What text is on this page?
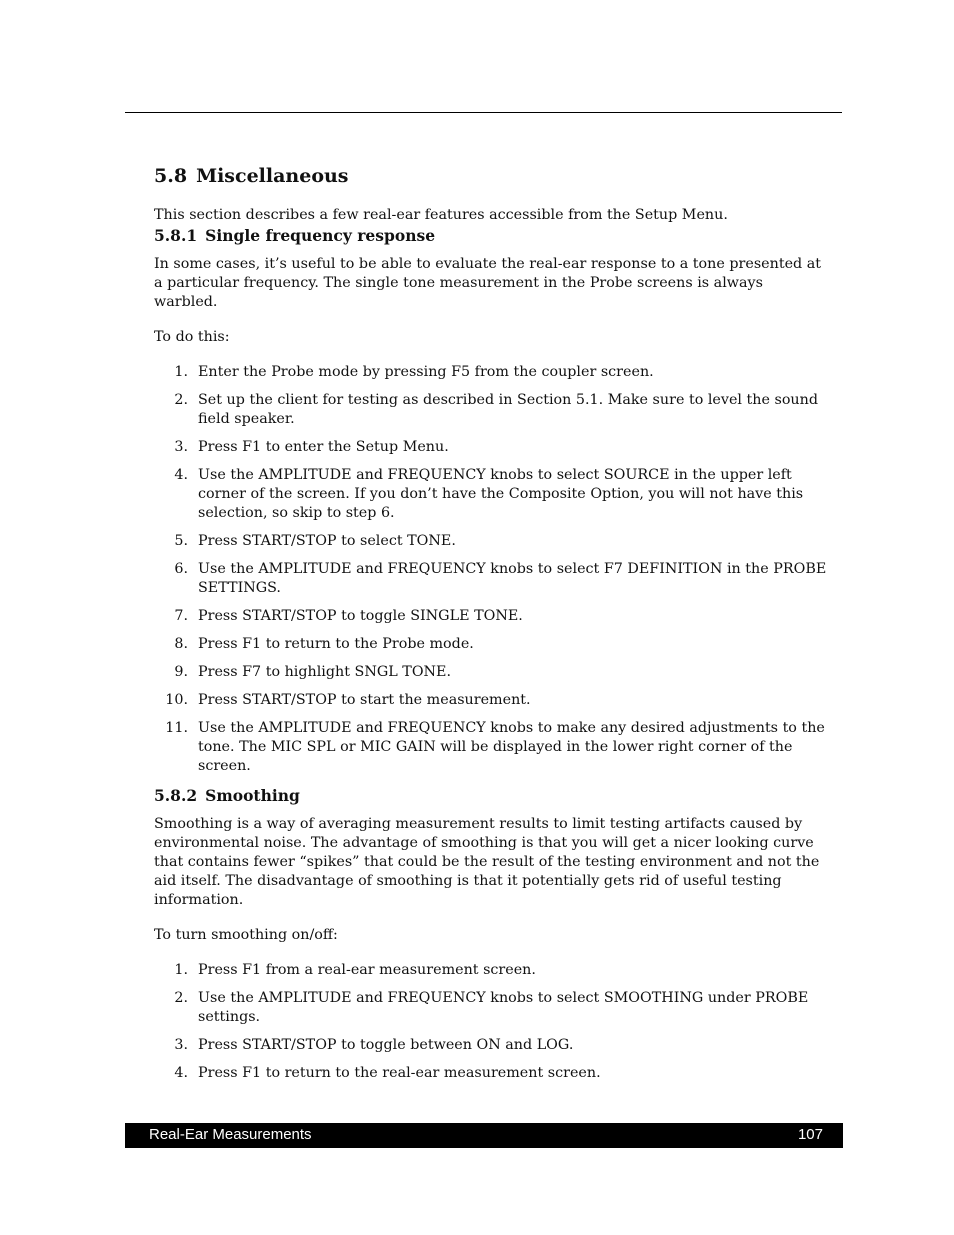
5.8 Miscellaneous

This section describes a few real-ear features accessible from the Setup Menu.

5.8.1 Single frequency response

In some cases, it’s useful to be able to evaluate the real-ear response to a tone presented at a particular frequency. The single tone measurement in the Probe screens is always warbled.

To do this:

1. Enter the Probe mode by pressing F5 from the coupler screen.
2. Set up the client for testing as described in Section 5.1. Make sure to level the sound field speaker.
3. Press F1 to enter the Setup Menu.
4. Use the AMPLITUDE and FREQUENCY knobs to select SOURCE in the upper left corner of the screen. If you don’t have the Composite Option, you will not have this selection, so skip to step 6.
5. Press START/STOP to select TONE.
6. Use the AMPLITUDE and FREQUENCY knobs to select F7 DEFINITION in the PROBE SETTINGS.
7. Press START/STOP to toggle SINGLE TONE.
8. Press F1 to return to the Probe mode.
9. Press F7 to highlight SNGL TONE.
10. Press START/STOP to start the measurement.
11. Use the AMPLITUDE and FREQUENCY knobs to make any desired adjustments to the tone. The MIC SPL or MIC GAIN will be displayed in the lower right corner of the screen.
5.8.2 Smoothing

Smoothing is a way of averaging measurement results to limit testing artifacts caused by environmental noise. The advantage of smoothing is that you will get a nicer looking curve that contains fewer “spikes” that could be the result of the testing environment and not the aid itself. The disadvantage of smoothing is that it potentially gets rid of useful testing information.

To turn smoothing on/off:

1. Press F1 from a real-ear measurement screen.
2. Use the AMPLITUDE and FREQUENCY knobs to select SMOOTHING under PROBE settings.
3. Press START/STOP to toggle between ON and LOG.
4. Press F1 to return to the real-ear measurement screen.
Real-Ear Measurements	107
